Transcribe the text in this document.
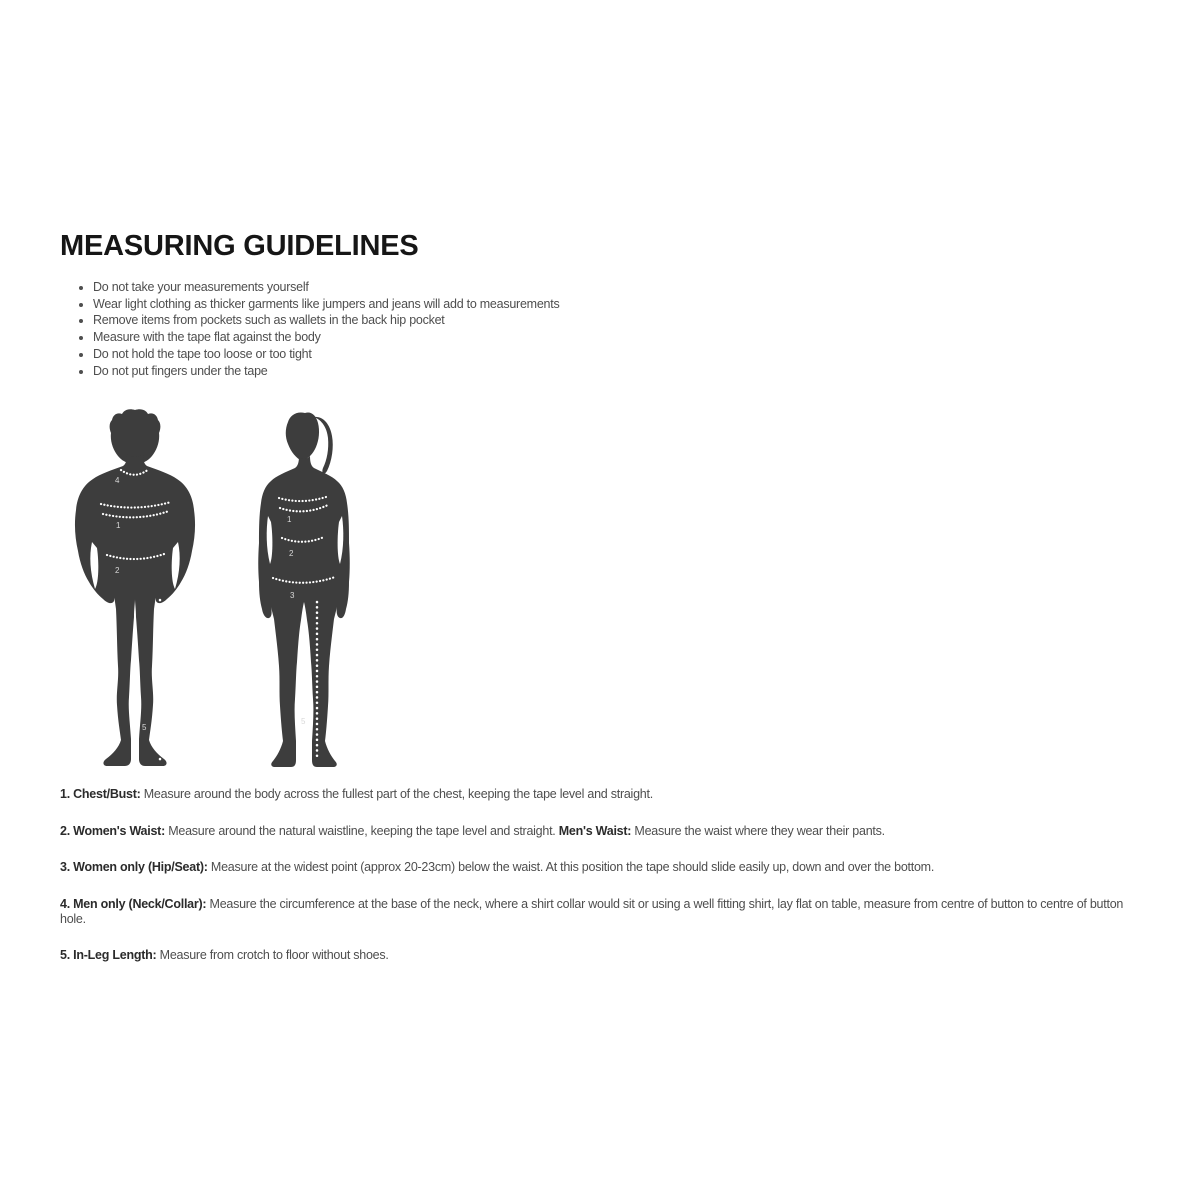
MEASURING GUIDELINES
• Do not take your measurements yourself
• Wear light clothing as thicker garments like jumpers and jeans will add to measurements
• Remove items from pockets such as wallets in the back hip pocket
• Measure with the tape flat against the body
• Do not hold the tape too loose or too tight
• Do not put fingers under the tape
4
1
2
5
1
2
3
5

1. Chest/Bust: Measure around the body across the fullest part of the chest, keeping the tape level and straight.

2. Women's Waist: Measure around the natural waistline, keeping the tape level and straight. Men's Waist: Measure the waist where they wear their pants.

3. Women only (Hip/Seat): Measure at the widest point (approx 20-23cm) below the waist. At this position the tape should slide easily up, down and over the bottom.

4. Men only (Neck/Collar): Measure the circumference at the base of the neck, where a shirt collar would sit or using a well fitting shirt, lay flat on table, measure from centre of button to centre of button hole.

5. In-Leg Length: Measure from crotch to floor without shoes.
